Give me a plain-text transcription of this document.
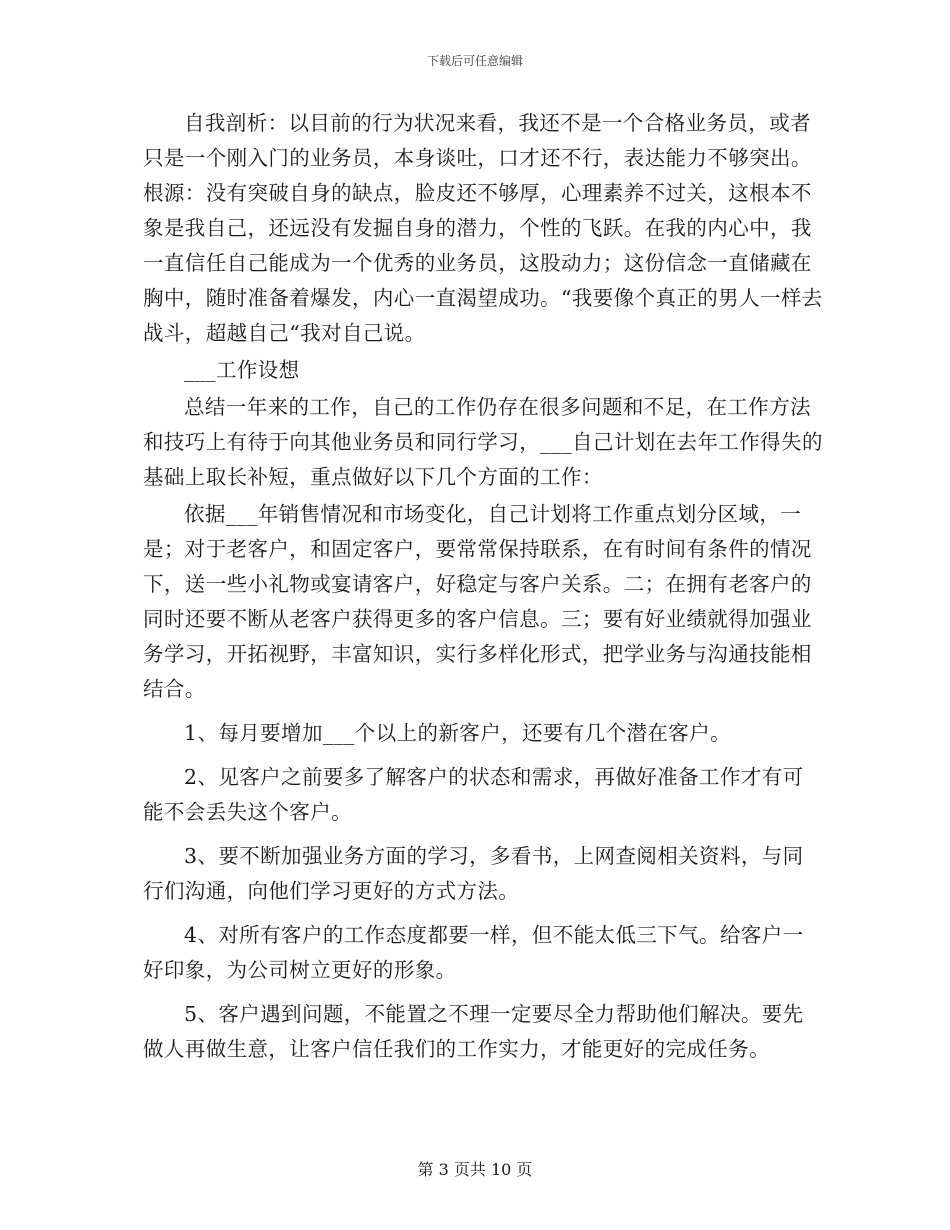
下载后可任意编辑

自我剖析：以目前的行为状况来看，我还不是一个合格业务员，或者只是一个刚入门的业务员，本身谈吐，口才还不行，表达能力不够突出。根源：没有突破自身的缺点，脸皮还不够厚，心理素养不过关，这根本不象是我自己，还远没有发掘自身的潜力，个性的飞跃。在我的内心中，我一直信任自己能成为一个优秀的业务员，这股动力；这份信念一直储藏在胸中，随时准备着爆发，内心一直渴望成功。“我要像个真正的男人一样去战斗，超越自己“我对自己说。

___工作设想

总结一年来的工作，自己的工作仍存在很多问题和不足，在工作方法和技巧上有待于向其他业务员和同行学习，___自己计划在去年工作得失的基础上取长补短，重点做好以下几个方面的工作：

依据___年销售情况和市场变化，自己计划将工作重点划分区域，一是；对于老客户，和固定客户，要常常保持联系，在有时间有条件的情况下，送一些小礼物或宴请客户，好稳定与客户关系。二；在拥有老客户的同时还要不断从老客户获得更多的客户信息。三；要有好业绩就得加强业务学习，开拓视野，丰富知识，实行多样化形式，把学业务与沟通技能相结合。

1、每月要增加___个以上的新客户，还要有几个潜在客户。

2、见客户之前要多了解客户的状态和需求，再做好准备工作才有可能不会丢失这个客户。

3、要不断加强业务方面的学习，多看书，上网查阅相关资料，与同行们沟通，向他们学习更好的方式方法。

4、对所有客户的工作态度都要一样，但不能太低三下气。给客户一好印象，为公司树立更好的形象。

5、客户遇到问题，不能置之不理一定要尽全力帮助他们解决。要先做人再做生意，让客户信任我们的工作实力，才能更好的完成任务。

第 3 页共 10 页
